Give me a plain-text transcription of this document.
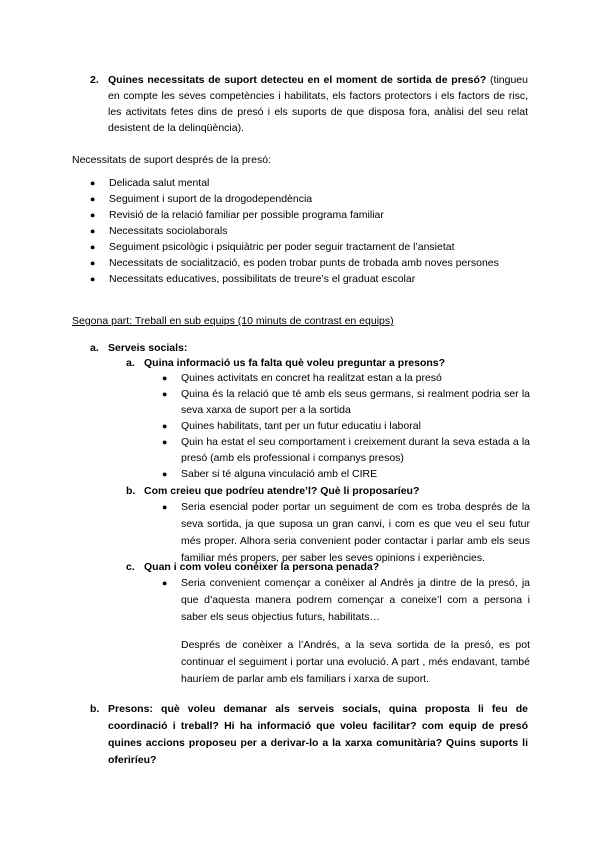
2. Quines necessitats de suport detecteu en el moment de sortida de presó? (tingueu en compte les seves competències i habilitats, els factors protectors i els factors de risc, les activitats fetes dins de presó i els suports de que disposa fora, anàlisi del seu relat desistent de la delinqüència).
Necessitats de suport després de la presó:
●	Delicada salut mental
●	Seguiment i suport de la drogodependència
●	Revisió de la relació familiar per possible programa familiar
●	Necessitats sociolaborals
●	Seguiment psicològic i psiquiàtric per poder seguir tractament de l’ansietat
●	Necessitats de socialització, es poden trobar punts de trobada amb noves persones
●	Necessitats educatives, possibilitats de treure’s el graduat escolar
Segona part: Treball en sub equips (10 minuts de contrast en equips)
a. Serveis socials:
a. Quina informació us fa falta què voleu preguntar a presons?
●	Quines activitats en concret ha realitzat estan a la presó
●	Quina és la relació que té amb els seus germans, si realment podria ser la seva xarxa de suport per a la sortida
●	Quines habilitats, tant per un futur educatiu i laboral
●	Quin ha estat el seu comportament i creixement durant la seva estada a la presó (amb els professional i companys presos)
●	Saber si té alguna vinculació amb el CIRE
b. Com creieu que podríeu atendre’l? Què li proposaríeu?
●	Seria esencial poder portar un seguiment de com es troba després de la seva sortida, ja que suposa un gran canvi, i com es que veu el seu futur més proper. Alhora seria convenient poder contactar i parlar amb els seus familiar més propers, per saber les seves opinions i experiències.
c. Quan i com voleu conèixer la persona penada?
●	Seria convenient començar a conèixer al Andrés ja dintre de la presó, ja que d’aquesta manera podrem començar a coneixe’l com a persona i saber els seus objectius futurs, habilitats…
Després de conèixer a l’Andrés, a la seva sortida de la presó, es pot continuar el seguiment i portar una evolució. A part , més endavant, també hauríem de parlar amb els familiars i xarxa de suport.
b. Presons: què voleu demanar als serveis socials, quina proposta li feu de coordinació i treball? Hi ha informació que voleu facilitar? com equip de presó quines accions proposeu per a derivar-lo a la xarxa comunitària? Quins suports li oferiríeu?
